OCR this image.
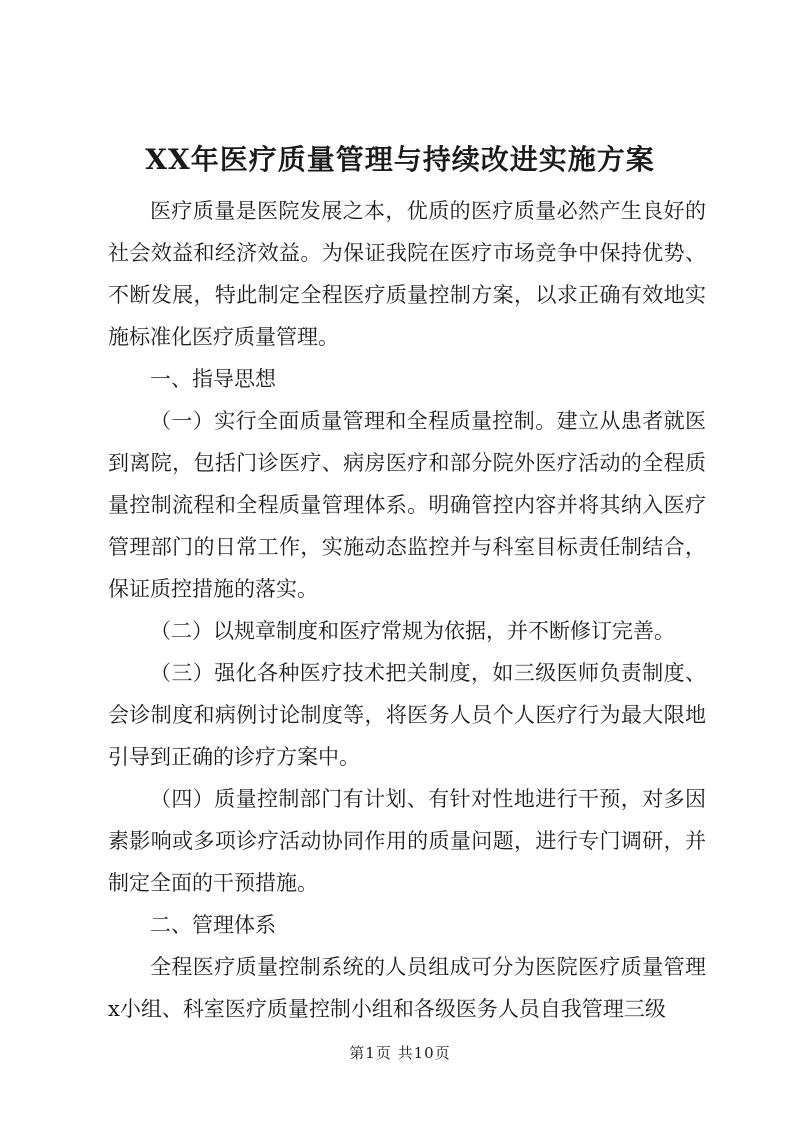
XX年医疗质量管理与持续改进实施方案

医疗质量是医院发展之本，优质的医疗质量必然产生良好的社会效益和经济效益。为保证我院在医疗市场竞争中保持优势、不断发展，特此制定全程医疗质量控制方案，以求正确有效地实施标准化医疗质量管理。

一、指导思想

（一）实行全面质量管理和全程质量控制。建立从患者就医到离院，包括门诊医疗、病房医疗和部分院外医疗活动的全程质量控制流程和全程质量管理体系。明确管控内容并将其纳入医疗管理部门的日常工作，实施动态监控并与科室目标责任制结合，保证质控措施的落实。

（二）以规章制度和医疗常规为依据，并不断修订完善。

（三）强化各种医疗技术把关制度，如三级医师负责制度、会诊制度和病例讨论制度等，将医务人员个人医疗行为最大限地引导到正确的诊疗方案中。

（四）质量控制部门有计划、有针对性地进行干预，对多因素影响或多项诊疗活动协同作用的质量问题，进行专门调研，并制定全面的干预措施。

二、管理体系

全程医疗质量控制系统的人员组成可分为医院医疗质量管理x小组、科室医疗质量控制小组和各级医务人员自我管理三级

第1页 共10页
